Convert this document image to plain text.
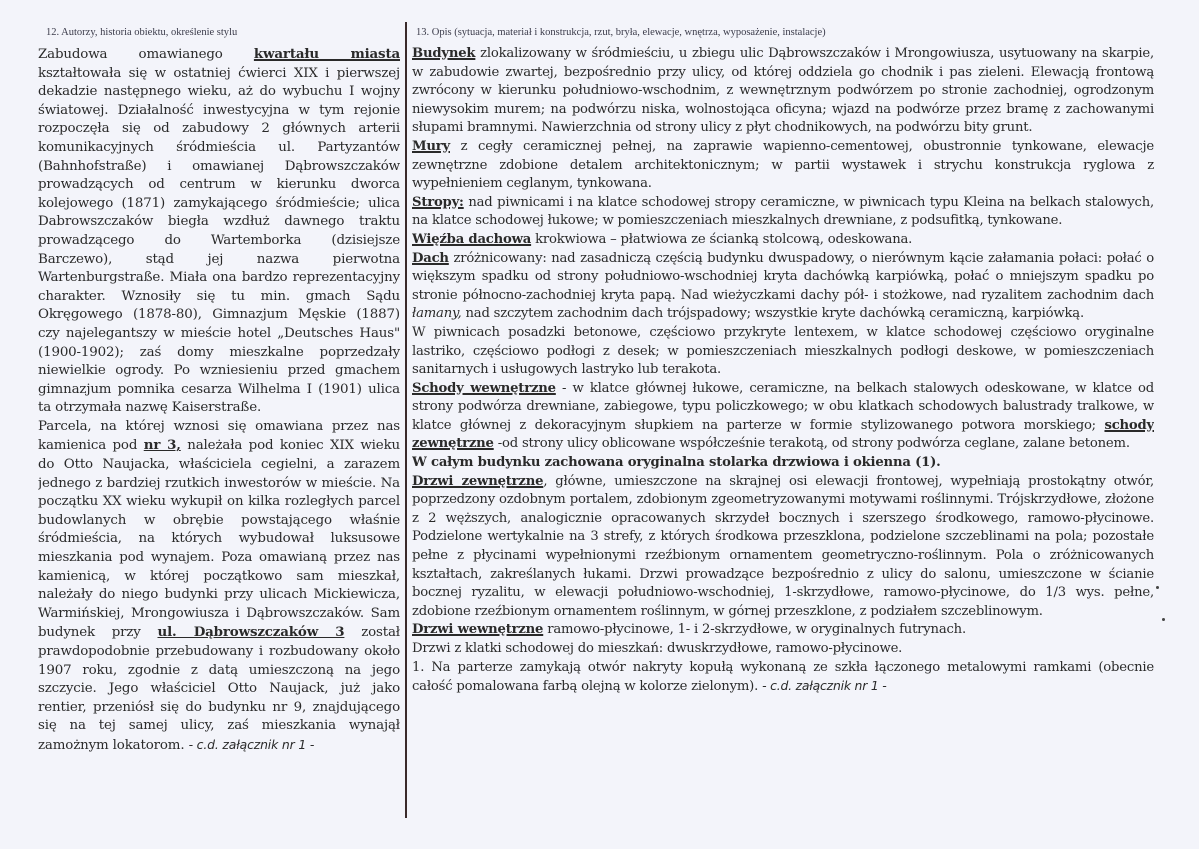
12. Autorzy, historia obiektu, określenie stylu

Zabudowa omawianego kwartału miasta kształtowała się w ostatniej ćwierci XIX i pierwszej dekadzie następnego wieku, aż do wybuchu I wojny światowej. Działalność inwestycyjna w tym rejonie rozpoczęła się od zabudowy 2 głównych arterii komunikacyjnych śródmieścia ul. Partyzantów (Bahnhofstraße) i omawianej Dąbrowszczaków prowadzących od centrum w kierunku dworca kolejowego (1871) zamykającego śródmieście; ulica Dabrowszczaków biegła wzdłuż dawnego traktu prowadzącego do Wartemborka (dzisiejsze Barczewo), stąd jej nazwa pierwotna Wartenburgstraße. Miała ona bardzo reprezentacyjny charakter. Wznosiły się tu min. gmach Sądu Okręgowego (1878-80), Gimnazjum Męskie (1887) czy najelegantszy w mieście hotel „Deutsches Haus" (1900-1902); zaś domy mieszkalne poprzedzały niewielkie ogrody. Po wzniesieniu przed gmachem gimnazjum pomnika cesarza Wilhelma I (1901) ulica ta otrzymała nazwę Kaiserstraße.

Parcela, na której wznosi się omawiana przez nas kamienica pod nr 3, należała pod koniec XIX wieku do Otto Naujacka, właściciela cegielni, a zarazem jednego z bardziej rzutkich inwestorów w mieście. Na początku XX wieku wykupił on kilka rozległych parcel budowlanych w obrębie powstającego właśnie śródmieścia, na których wybudował luksusowe mieszkania pod wynajem. Poza omawianą przez nas kamienicą, w której początkowo sam mieszkał, należały do niego budynki przy ulicach Mickiewicza, Warmińskiej, Mrongowiusza i Dąbrowszczaków. Sam budynek przy ul. Dąbrowszczaków 3 został prawdopodobnie przebudowany i rozbudowany około 1907 roku, zgodnie z datą umieszczoną na jego szczycie. Jego właściciel Otto Naujack, już jako rentier, przeniósł się do budynku nr 9, znajdującego się na tej samej ulicy, zaś mieszkania wynajął zamożnym lokatorom. - c.d. załącznik nr 1 -

13. Opis (sytuacja, materiał i konstrukcja, rzut, bryła, elewacje, wnętrza, wyposażenie, instalacje)

Budynek zlokalizowany w śródmieściu, u zbiegu ulic Dąbrowszczaków i Mrongowiusza, usytuowany na skarpie, w zabudowie zwartej, bezpośrednio przy ulicy, od której oddziela go chodnik i pas zieleni. Elewacją frontową zwrócony w kierunku południowo-wschodnim, z wewnętrznym podwórzem po stronie zachodniej, ogrodzonym niewysokim murem; na podwórzu niska, wolnostojąca oficyna; wjazd na podwórze przez bramę z zachowanymi słupami bramnymi. Nawierzchnia od strony ulicy z płyt chodnikowych, na podwórzu bity grunt.

Mury z cegły ceramicznej pełnej, na zaprawie wapienno-cementowej, obustronnie tynkowane, elewacje zewnętrzne zdobione detalem architektonicznym; w partii wystawek i strychu konstrukcja ryglowa z wypełnieniem ceglanym, tynkowana.

Stropy: nad piwnicami i na klatce schodowej stropy ceramiczne, w piwnicach typu Kleina na belkach stalowych, na klatce schodowej łukowe; w pomieszczeniach mieszkalnych drewniane, z podsufitką, tynkowane.

Więźba dachowa krokwiowa – płatwiowa ze ścianką stolcową, odeskowana.

Dach zróżnicowany: nad zasadniczą częścią budynku dwuspadowy, o nierównym kącie załamania połaci: połać o większym spadku od strony południowo-wschodniej kryta dachówką karpiówką, połać o mniejszym spadku po stronie północno-zachodniej kryta papą. Nad wieżyczkami dachy pół- i stożkowe, nad ryzalitem zachodnim dach łamany, nad szczytem zachodnim dach trójspadowy; wszystkie kryte dachówką ceramiczną, karpiówką.

W piwnicach posadzki betonowe, częściowo przykryte lentexem, w klatce schodowej częściowo oryginalne lastriko, częściowo podłogi z desek; w pomieszczeniach mieszkalnych podłogi deskowe, w pomieszczeniach sanitarnych i usługowych lastryko lub terakota.

Schody wewnętrzne - w klatce głównej łukowe, ceramiczne, na belkach stalowych odeskowane, w klatce od strony podwórza drewniane, zabiegowe, typu policzkowego; w obu klatkach schodowych balustrady tralkowe, w klatce głównej z dekoracyjnym słupkiem na parterze w formie stylizowanego potwora morskiego; schody zewnętrzne -od strony ulicy oblicowane współcześnie terakotą, od strony podwórza ceglane, zalane betonem.

W całym budynku zachowana oryginalna stolarka drzwiowa i okienna (1).

Drzwi zewnętrzne, główne, umieszczone na skrajnej osi elewacji frontowej, wypełniają prostokątny otwór, poprzedzony ozdobnym portalem, zdobionym zgeometryzowanymi motywami roślinnymi. Trójskrzydłowe, złożone z 2 węższych, analogicznie opracowanych skrzydeł bocznych i szerszego środkowego, ramowo-płycinowe. Podzielone wertykalnie na 3 strefy, z których środkowa przeszklona, podzielone szczeblinami na pola; pozostałe pełne z płycinami wypełnionymi rzeźbionym ornamentem geometryczno-roślinnym. Pola o zróżnicowanych kształtach, zakreślanych łukami. Drzwi prowadzące bezpośrednio z ulicy do salonu, umieszczone w ścianie bocznej ryzalitu, w elewacji południowo-wschodniej, 1-skrzydłowe, ramowo-płycinowe, do 1/3 wys. pełne, zdobione rzeźbionym ornamentem roślinnym, w górnej przeszklone, z podziałem szczeblinowym.

Drzwi wewnętrzne ramowo-płycinowe, 1- i 2-skrzydłowe, w oryginalnych futrynach.

Drzwi z klatki schodowej do mieszkań: dwuskrzydłowe, ramowo-płycinowe.

1. Na parterze zamykają otwór nakryty kopułą wykonaną ze szkła łączonego metalowymi ramkami (obecnie całość pomalowana farbą olejną w kolorze zielonym). - c.d. załącznik nr 1 -
